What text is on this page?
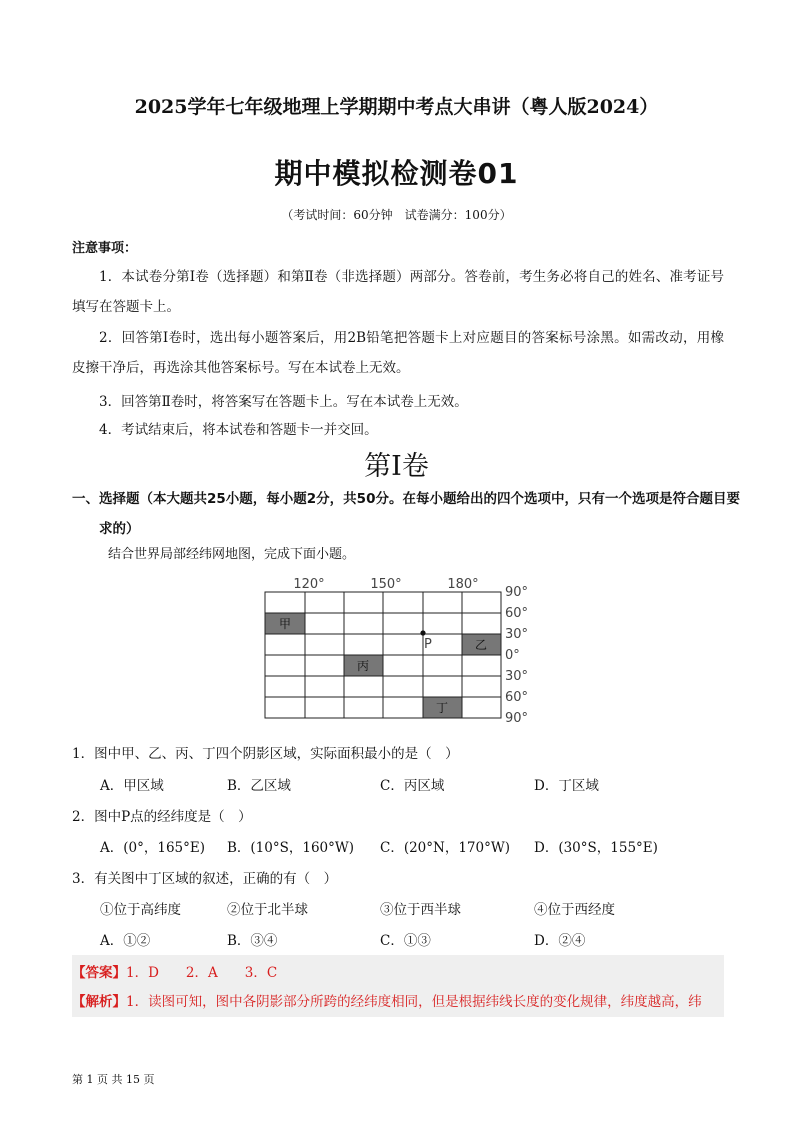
2025学年七年级地理上学期期中考点大串讲（粤人版2024）
期中模拟检测卷01
（考试时间：60分钟　试卷满分：100分）
注意事项：
1．本试卷分第Ⅰ卷（选择题）和第Ⅱ卷（非选择题）两部分。答卷前，考生务必将自己的姓名、准考证号填写在答题卡上。
2．回答第Ⅰ卷时，选出每小题答案后，用2B铅笔把答题卡上对应题目的答案标号涂黑。如需改动，用橡皮擦干净后，再选涂其他答案标号。写在本试卷上无效。
3．回答第Ⅱ卷时，将答案写在答题卡上。写在本试卷上无效。
4．考试结束后，将本试卷和答题卡一并交回。
第Ⅰ卷
一、选择题（本大题共25小题，每小题2分，共50分。在每小题给出的四个选项中，只有一个选项是符合题目要求的）
结合世界局部经纬网地图，完成下面小题。
120°	150°	180°
90°
60°
30°
0°
30°
60°
90°
甲
乙
丙
丁
P
1．图中甲、乙、丙、丁四个阴影区域，实际面积最小的是（　）
A．甲区域	B．乙区域	C．丙区域	D．丁区域
2．图中P点的经纬度是（　）
A．(0°，165°E) B．(10°S，160°W) C．(20°N，170°W) D．(30°S，155°E)
3．有关图中丁区域的叙述，正确的有（　）
①位于高纬度	②位于北半球	③位于西半球	④位于西经度
A．①②	B．③④	C．①③	D．②④
【答案】1．D　　2．A　　3．C
【解析】1．读图可知，图中各阴影部分所跨的经纬度相同，但是根据纬线长度的变化规律，纬度越高，纬
第 1 页 共 15 页
